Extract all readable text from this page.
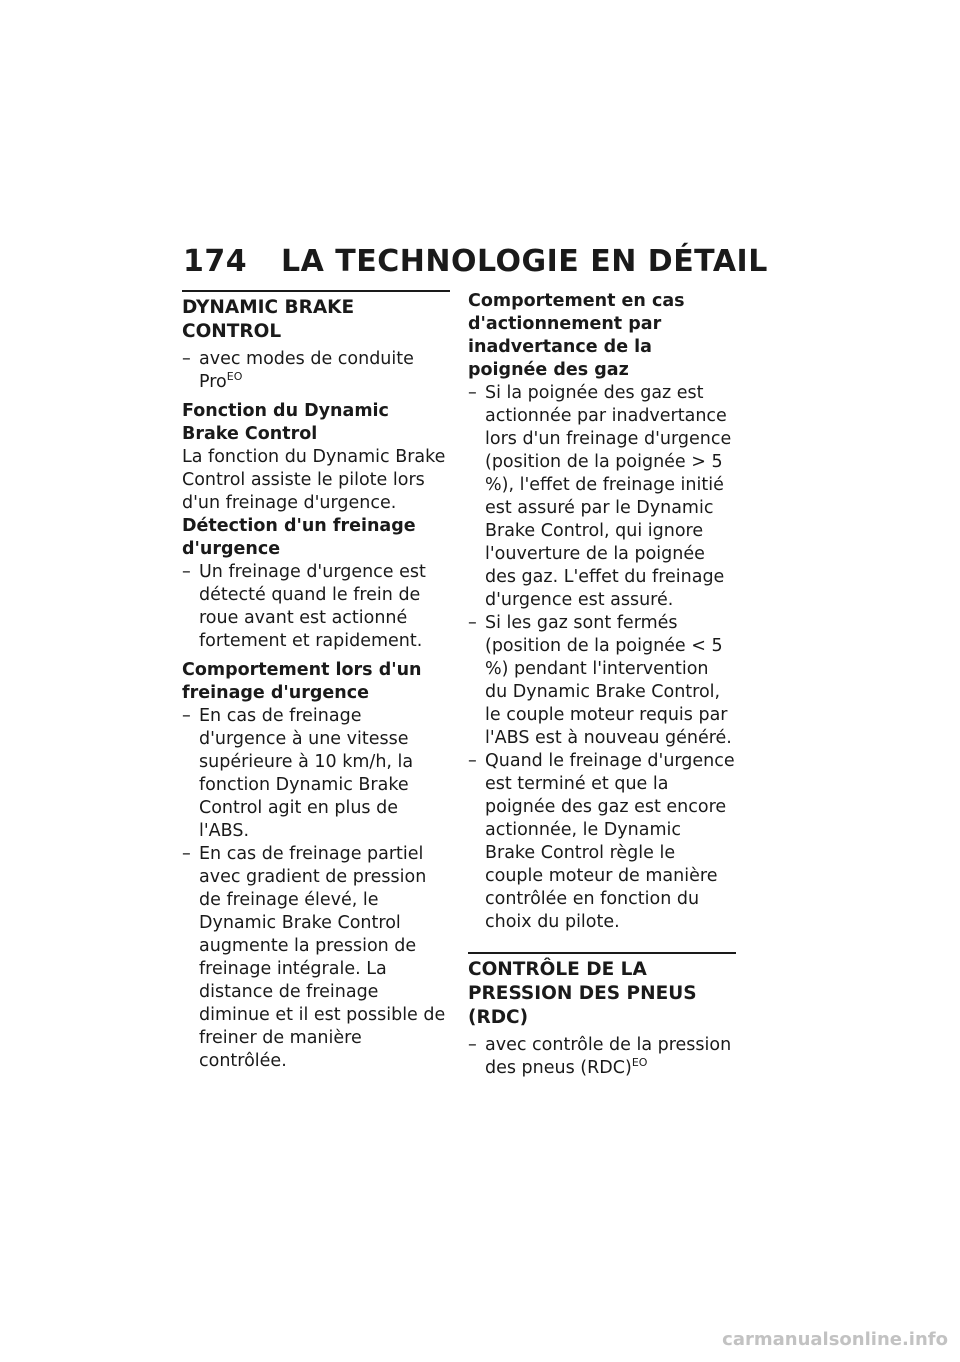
174 LA TECHNOLOGIE EN DÉTAIL
DYNAMIC BRAKE CONTROL
– avec modes de conduite Pro$^{EO}$
Fonction du Dynamic Brake Control
La fonction du Dynamic Brake Control assiste le pilote lors d'un freinage d'urgence.
Détection d'un freinage d'urgence
– Un freinage d'urgence est détecté quand le frein de roue avant est actionné fortement et rapidement.
Comportement lors d'un freinage d'urgence
– En cas de freinage d'urgence à une vitesse supérieure à 10 km/h, la fonction Dynamic Brake Control agit en plus de l'ABS.
– En cas de freinage partiel avec gradient de pression de freinage élevé, le Dynamic Brake Control augmente la pression de freinage intégrale. La distance de freinage diminue et il est possible de freiner de manière contrôlée.
Comportement en cas d'actionnement par inadvertance de la poignée des gaz
– Si la poignée des gaz est actionnée par inadvertance lors d'un freinage d'urgence (position de la poignée > 5 %), l'effet de freinage initié est assuré par le Dynamic Brake Control, qui ignore l'ouverture de la poignée des gaz. L'effet du freinage d'urgence est assuré.
– Si les gaz sont fermés (position de la poignée < 5 %) pendant l'intervention du Dynamic Brake Control, le couple moteur requis par l'ABS est à nouveau généré.
– Quand le freinage d'urgence est terminé et que la poignée des gaz est encore actionnée, le Dynamic Brake Control règle le couple moteur de manière contrôlée en fonction du choix du pilote.
CONTRÔLE DE LA PRESSION DES PNEUS (RDC)
– avec contrôle de la pression des pneus (RDC)$^{EO}$
carmanualsonline.info
